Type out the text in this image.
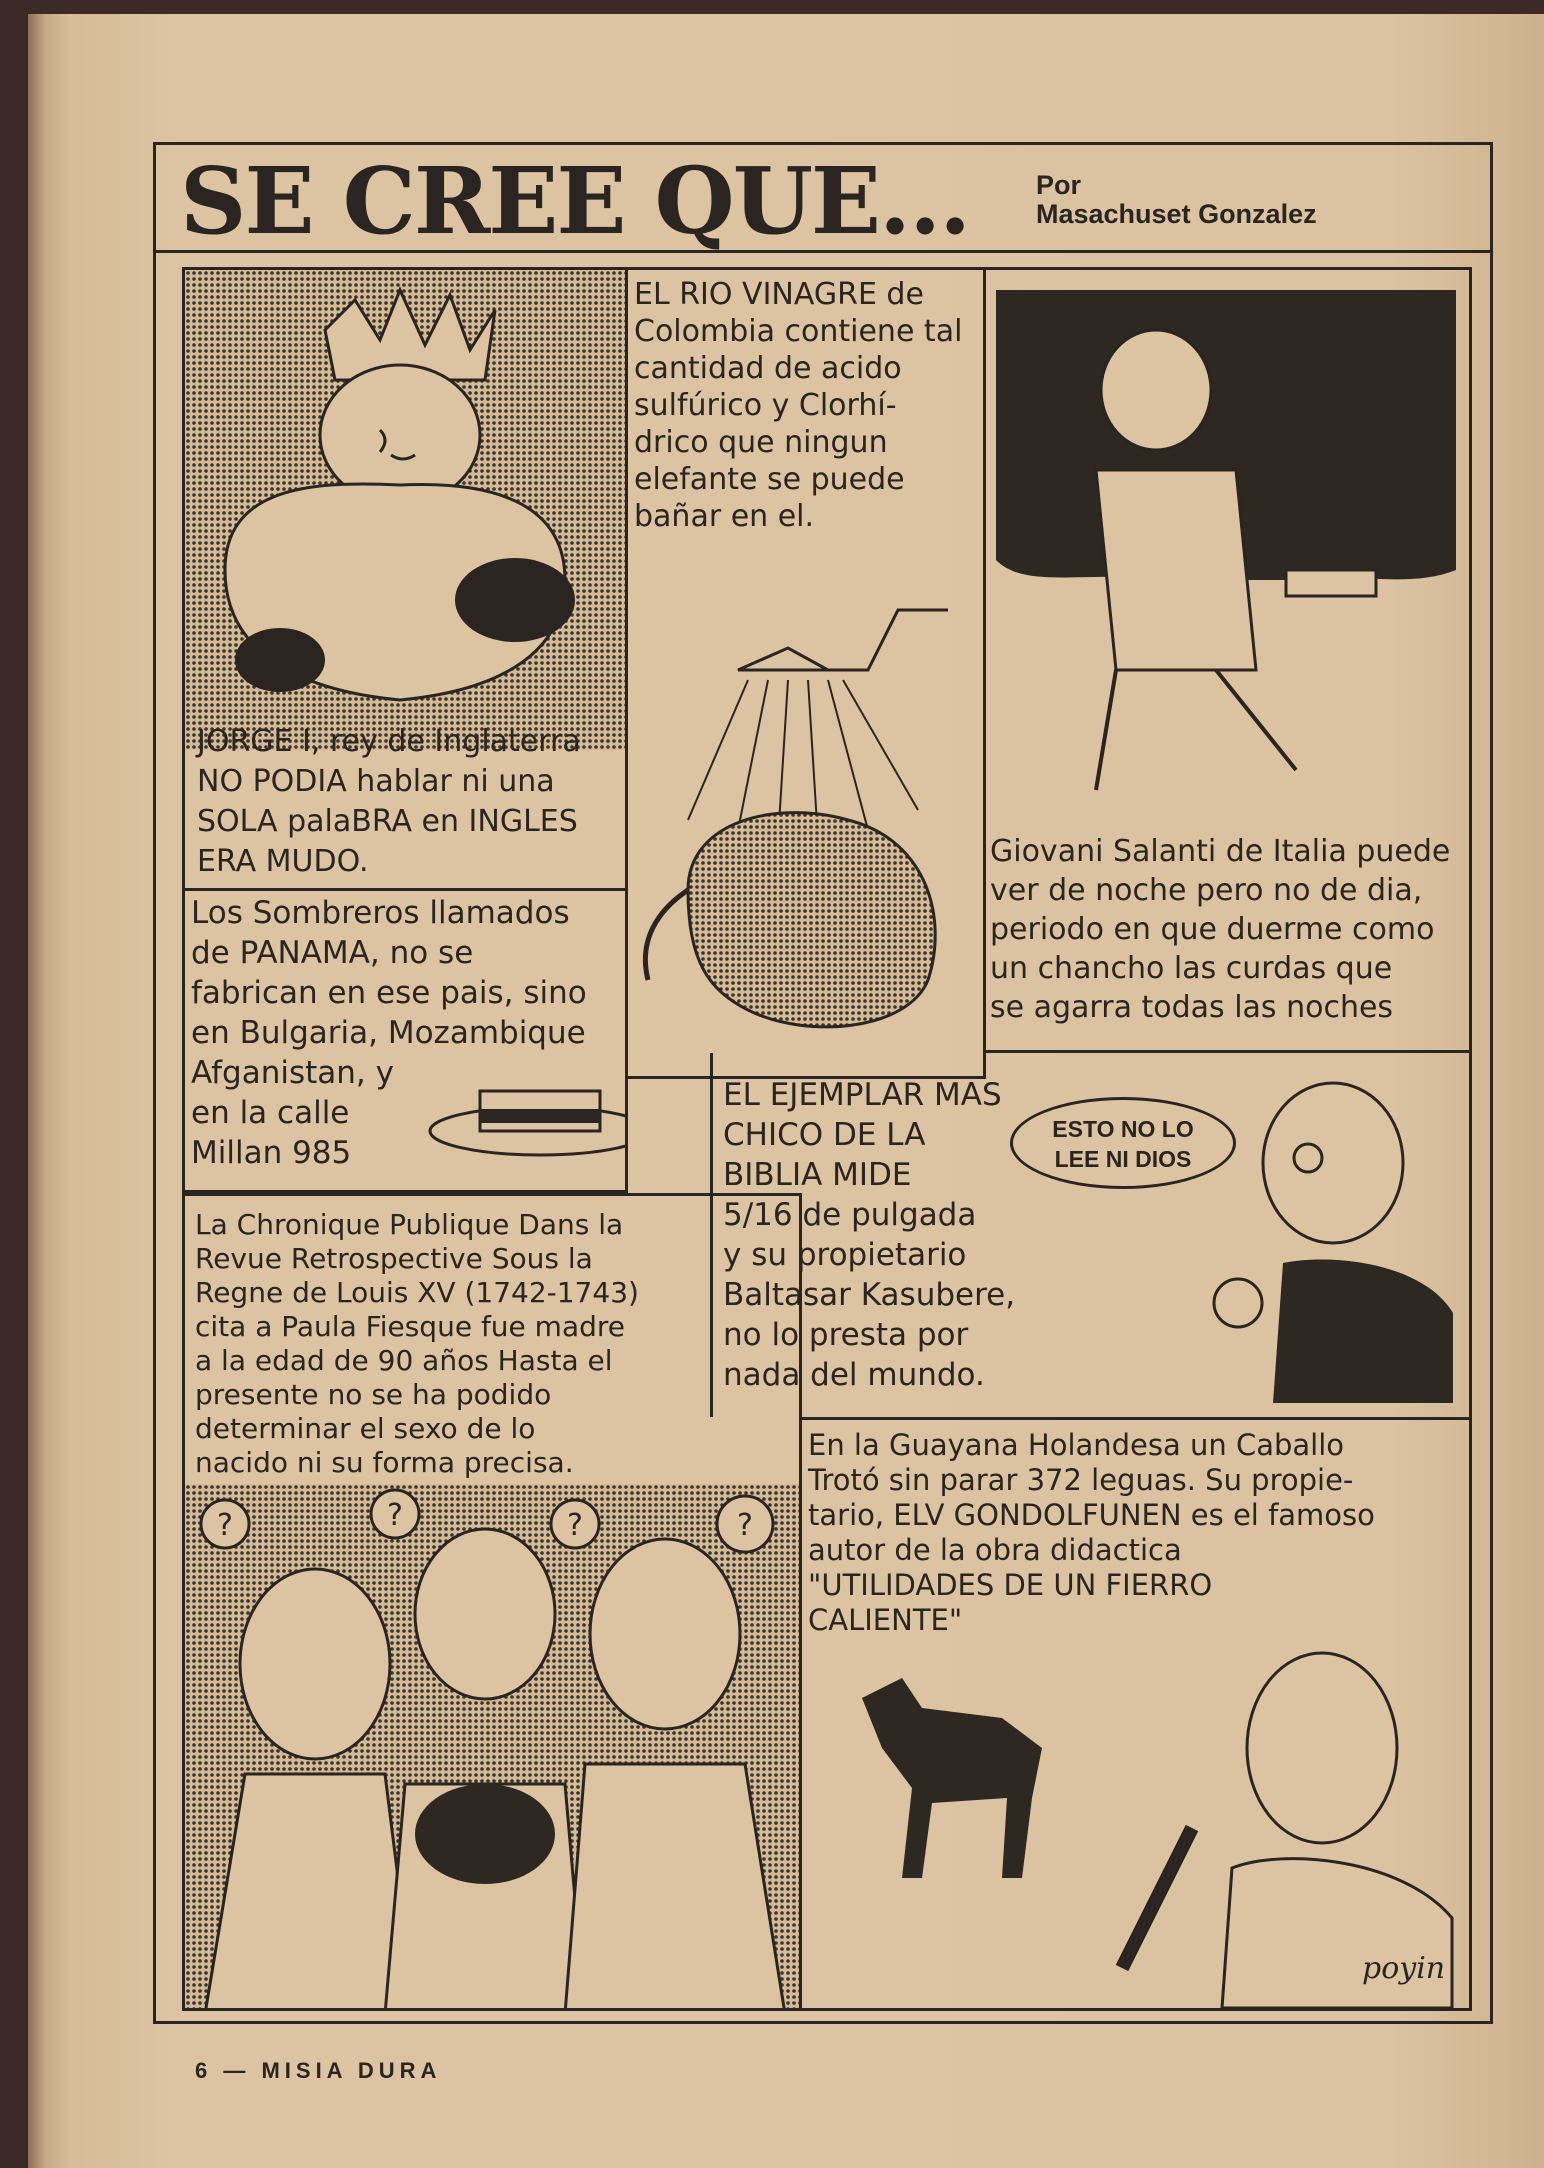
SE CREE QUE... Por
Masachuset Gonzalez
JORGE I, rey de Inglaterra
NO PODIA hablar ni una
SOLA palaBRA en INGLES
ERA MUDO.
EL RIO VINAGRE de
Colombia contiene tal
cantidad de acido
sulfúrico y Clorhí-
drico que ningun
elefante se puede
bañar en el.
Giovani Salanti de Italia puede
ver de noche pero no de dia,
periodo en que duerme como
un chancho las curdas que
se agarra todas las noches
Los Sombreros llamados
de PANAMA, no se
fabrican en ese pais, sino
en Bulgaria, Mozambique
Afganistan, y
en la calle
Millan 985
EL EJEMPLAR MAS
CHICO DE LA
BIBLIA MIDE
5/16 de pulgada
y su propietario
Baltasar Kasubere,
no lo presta por
nada del mundo.
ESTO NO LO
LEE NI DIOS
La Chronique Publique Dans la
Revue Retrospective Sous la
Regne de Louis XV (1742-1743)
cita a Paula Fiesque fue madre
a la edad de 90 años Hasta el
presente no se ha podido
determinar el sexo de lo
nacido ni su forma precisa.
?	?	?	?
En la Guayana Holandesa un Caballo
Trotó sin parar 372 leguas. Su propie-
tario, ELV GONDOLFUNEN es el famoso
autor de la obra didactica
"UTILIDADES DE UN FIERRO
CALIENTE"
poyin
6 — MISIA DURA
